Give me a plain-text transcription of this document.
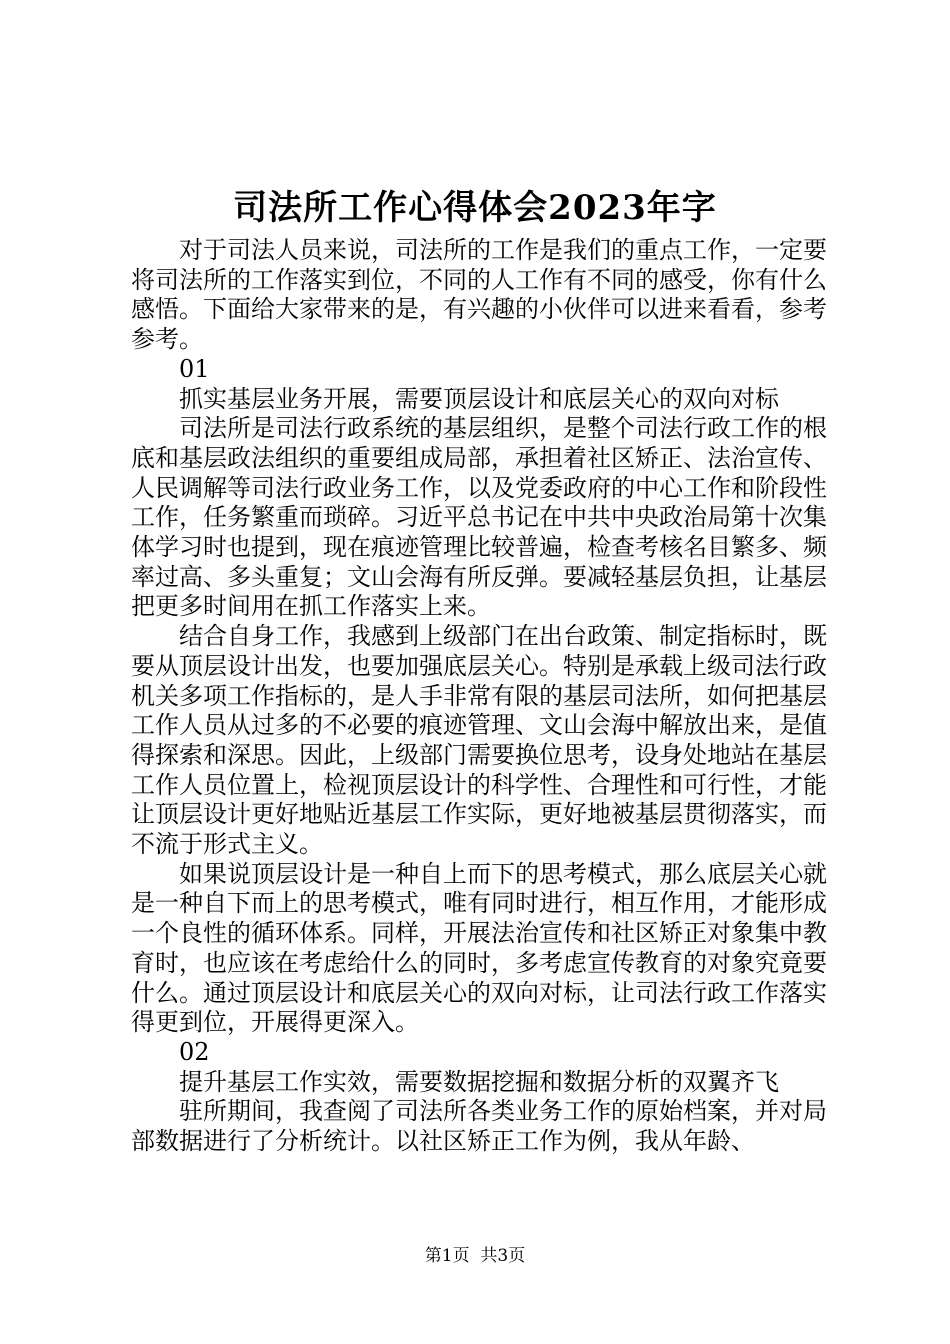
司法所工作心得体会2023年字

对于司法人员来说，司法所的工作是我们的重点工作，一定要将司法所的工作落实到位，不同的人工作有不同的感受，你有什么感悟。下面给大家带来的是，有兴趣的小伙伴可以进来看看，参考参考。

01

抓实基层业务开展，需要顶层设计和底层关心的双向对标

司法所是司法行政系统的基层组织，是整个司法行政工作的根底和基层政法组织的重要组成局部，承担着社区矫正、法治宣传、人民调解等司法行政业务工作，以及党委政府的中心工作和阶段性工作，任务繁重而琐碎。习近平总书记在中共中央政治局第十次集体学习时也提到，现在痕迹管理比较普遍，检查考核名目繁多、频率过高、多头重复；文山会海有所反弹。要减轻基层负担，让基层把更多时间用在抓工作落实上来。

结合自身工作，我感到上级部门在出台政策、制定指标时，既要从顶层设计出发，也要加强底层关心。特别是承载上级司法行政机关多项工作指标的，是人手非常有限的基层司法所，如何把基层工作人员从过多的不必要的痕迹管理、文山会海中解放出来，是值得探索和深思。因此，上级部门需要换位思考，设身处地站在基层工作人员位置上，检视顶层设计的科学性、合理性和可行性，才能让顶层设计更好地贴近基层工作实际，更好地被基层贯彻落实，而不流于形式主义。

如果说顶层设计是一种自上而下的思考模式，那么底层关心就是一种自下而上的思考模式，唯有同时进行，相互作用，才能形成一个良性的循环体系。同样，开展法治宣传和社区矫正对象集中教育时，也应该在考虑给什么的同时，多考虑宣传教育的对象究竟要什么。通过顶层设计和底层关心的双向对标，让司法行政工作落实得更到位，开展得更深入。

02

提升基层工作实效，需要数据挖掘和数据分析的双翼齐飞

驻所期间，我查阅了司法所各类业务工作的原始档案，并对局部数据进行了分析统计。以社区矫正工作为例，我从年龄、

第1页 共3页
